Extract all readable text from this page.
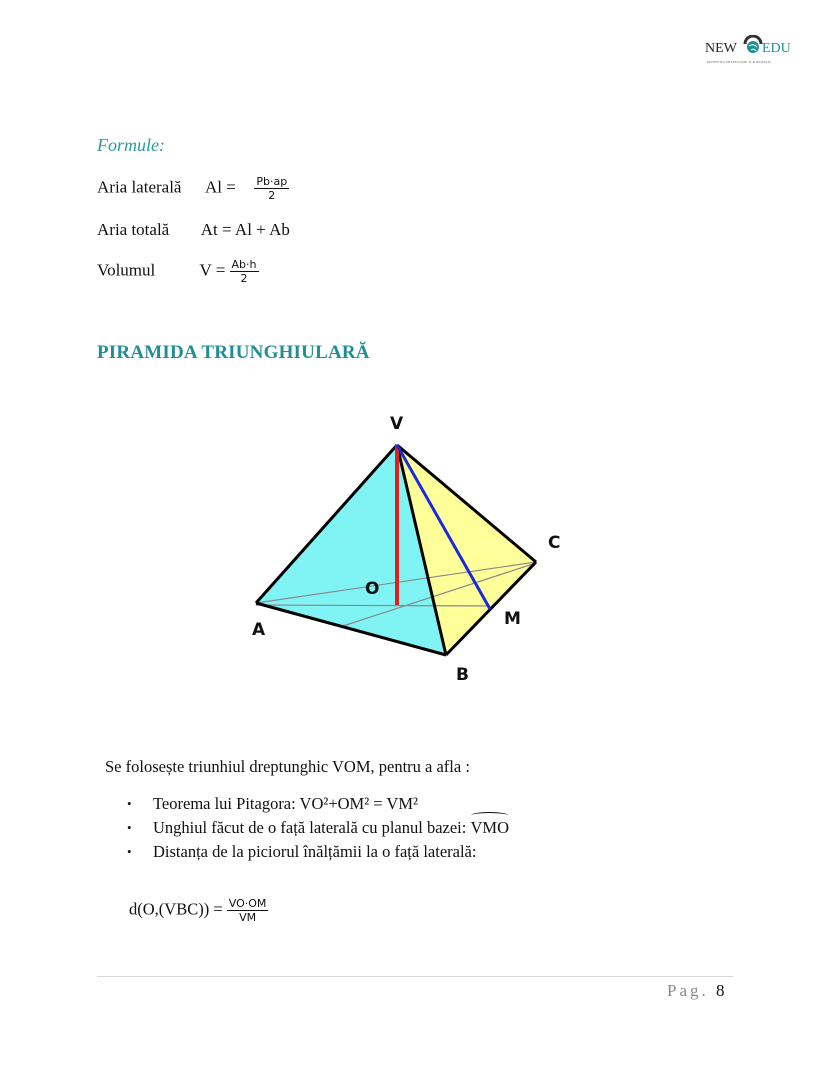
NEW EDU
INSTITUTUL DE EDUCAȚIE, IT & INOVAȚIE
Formule:
Aria laterală $Al = \frac{Pb\cdot ap}{2}$
Aria totală At = Al + Ab
Volumul	$V = \frac{Ab\cdot h}{2}$
PIRAMIDA TRIUNGHIULARĂ
V
A
B
C
O
M
Se folosește triunhiul dreptunghic VOM, pentru a afla :
• Teorema lui Pitagora: VO²+OM² = VM²
• Unghiul făcut de o față laterală cu planul bazei: VMO
• Distanța de la piciorul înălțămii la o față laterală:
$d(O,(VBC)) = \frac{VO\cdot OM}{VM}$
Pag. 8
